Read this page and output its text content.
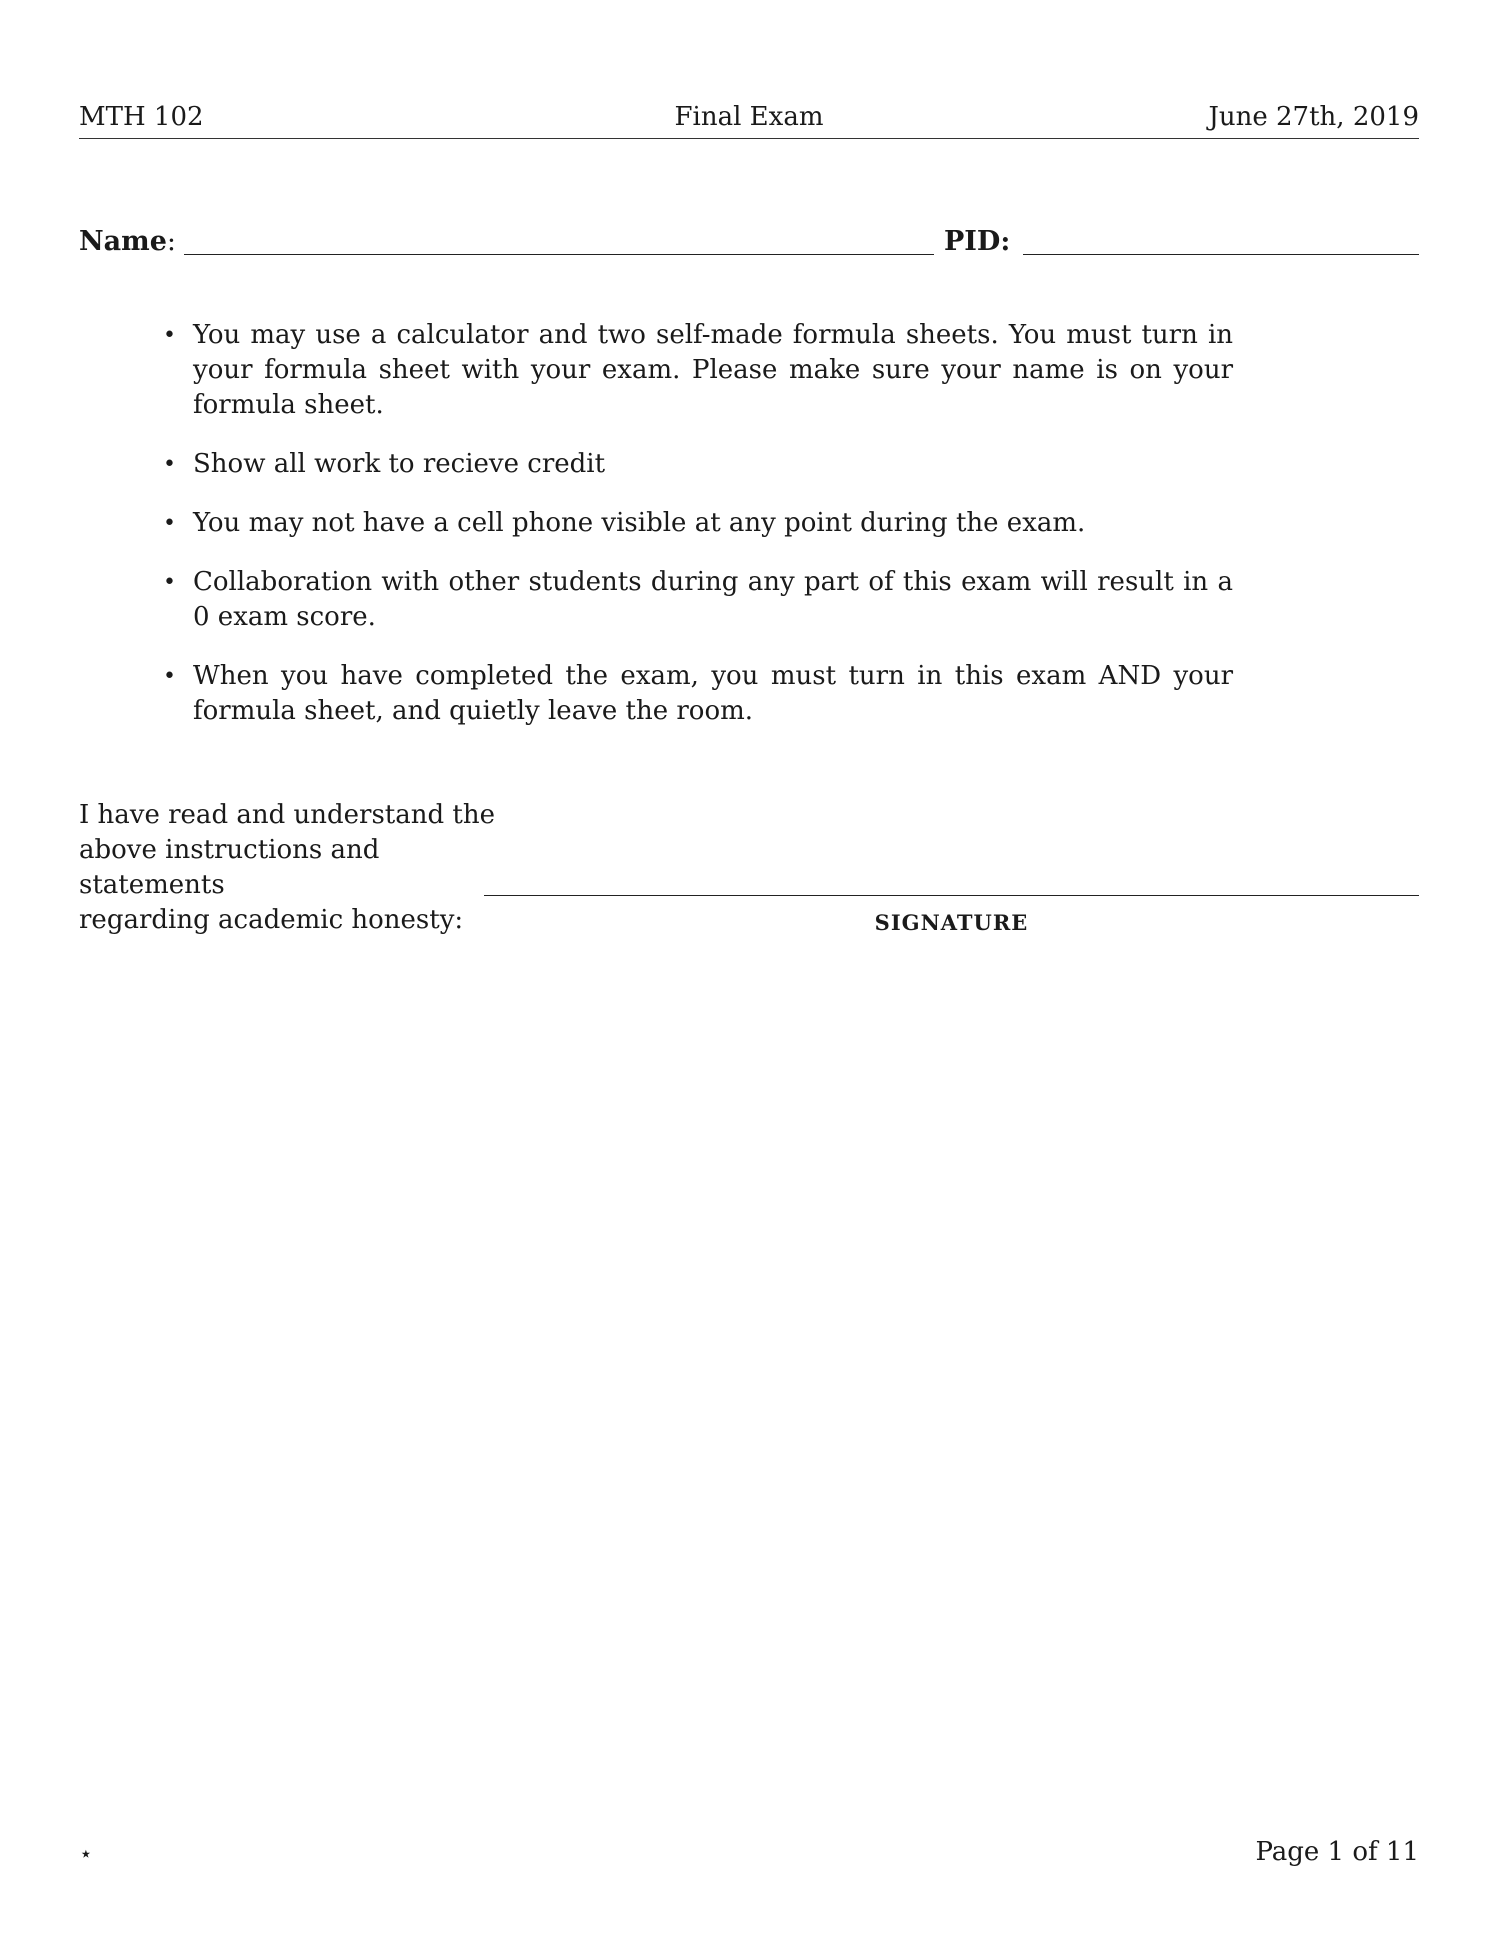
MTH 102	Final Exam	June 27th, 2019
Name:	PID:
• You may use a calculator and two self-made formula sheets. You must turn in your formula sheet with your exam. Please make sure your name is on your formula sheet.
• Show all work to recieve credit
• You may not have a cell phone visible at any point during the exam.
• Collaboration with other students during any part of this exam will result in a 0 exam score.
• When you have completed the exam, you must turn in this exam AND your formula sheet, and quietly leave the room.
I have read and understand the
above instructions and statements
regarding academic honesty:	SIGNATURE
⋆	Page 1 of 11
